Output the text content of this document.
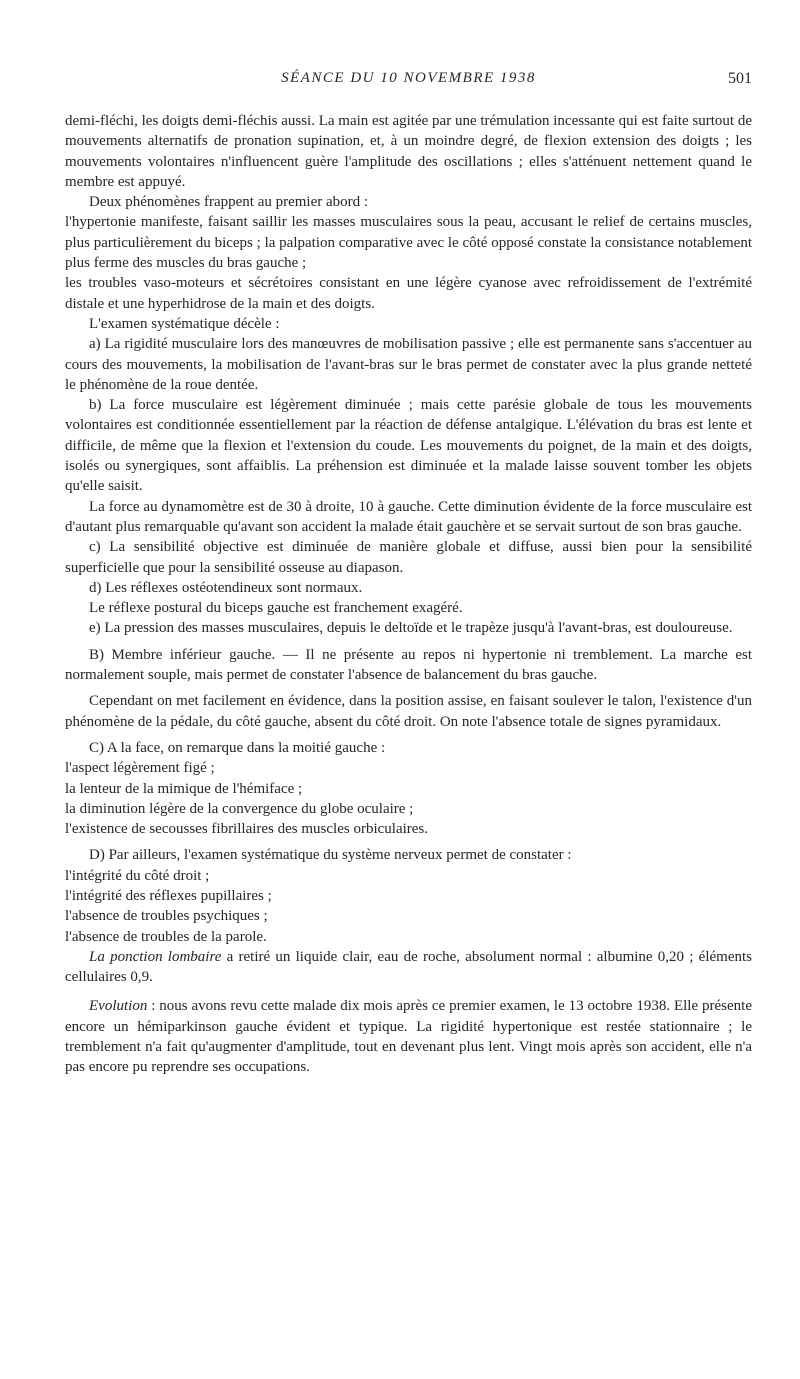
SÉANCE DU 10 NOVEMBRE 1938	501

demi-fléchi, les doigts demi-fléchis aussi. La main est agitée par une trémulation incessante qui est faite surtout de mouvements alternatifs de pronation supination, et, à un moindre degré, de flexion extension des doigts ; les mouvements volontaires n'influencent guère l'amplitude des oscillations ; elles s'atténuent nettement quand le membre est appuyé.

Deux phénomènes frappent au premier abord :

l'hypertonie manifeste, faisant saillir les masses musculaires sous la peau, accusant le relief de certains muscles, plus particulièrement du biceps ; la palpation comparative avec le côté opposé constate la consistance notablement plus ferme des muscles du bras gauche ;

les troubles vaso-moteurs et sécrétoires consistant en une légère cyanose avec refroidissement de l'extrémité distale et une hyperhidrose de la main et des doigts.

L'examen systématique décèle :

a) La rigidité musculaire lors des manœuvres de mobilisation passive ; elle est permanente sans s'accentuer au cours des mouvements, la mobilisation de l'avant-bras sur le bras permet de constater avec la plus grande netteté le phénomène de la roue dentée.

b) La force musculaire est légèrement diminuée ; mais cette parésie globale de tous les mouvements volontaires est conditionnée essentiellement par la réaction de défense antalgique. L'élévation du bras est lente et difficile, de même que la flexion et l'extension du coude. Les mouvements du poignet, de la main et des doigts, isolés ou synergiques, sont affaiblis. La préhension est diminuée et la malade laisse souvent tomber les objets qu'elle saisit.

La force au dynamomètre est de 30 à droite, 10 à gauche. Cette diminution évidente de la force musculaire est d'autant plus remarquable qu'avant son accident la malade était gauchère et se servait surtout de son bras gauche.

c) La sensibilité objective est diminuée de manière globale et diffuse, aussi bien pour la sensibilité superficielle que pour la sensibilité osseuse au diapason.

d) Les réflexes ostéotendineux sont normaux.

Le réflexe postural du biceps gauche est franchement exagéré.

e) La pression des masses musculaires, depuis le deltoïde et le trapèze jusqu'à l'avant-bras, est douloureuse.

B) Membre inférieur gauche. — Il ne présente au repos ni hypertonie ni tremblement. La marche est normalement souple, mais permet de constater l'absence de balancement du bras gauche.

Cependant on met facilement en évidence, dans la position assise, en faisant soulever le talon, l'existence d'un phénomène de la pédale, du côté gauche, absent du côté droit. On note l'absence totale de signes pyramidaux.

C) A la face, on remarque dans la moitié gauche :

l'aspect légèrement figé ;

la lenteur de la mimique de l'hémiface ;

la diminution légère de la convergence du globe oculaire ;

l'existence de secousses fibrillaires des muscles orbiculaires.

D) Par ailleurs, l'examen systématique du système nerveux permet de constater :

l'intégrité du côté droit ;

l'intégrité des réflexes pupillaires ;

l'absence de troubles psychiques ;

l'absence de troubles de la parole.

La ponction lombaire a retiré un liquide clair, eau de roche, absolument normal : albumine 0,20 ; éléments cellulaires 0,9.

Evolution : nous avons revu cette malade dix mois après ce premier examen, le 13 octobre 1938. Elle présente encore un hémiparkinson gauche évident et typique. La rigidité hypertonique est restée stationnaire ; le tremblement n'a fait qu'augmenter d'amplitude, tout en devenant plus lent. Vingt mois après son accident, elle n'a pas encore pu reprendre ses occupations.
